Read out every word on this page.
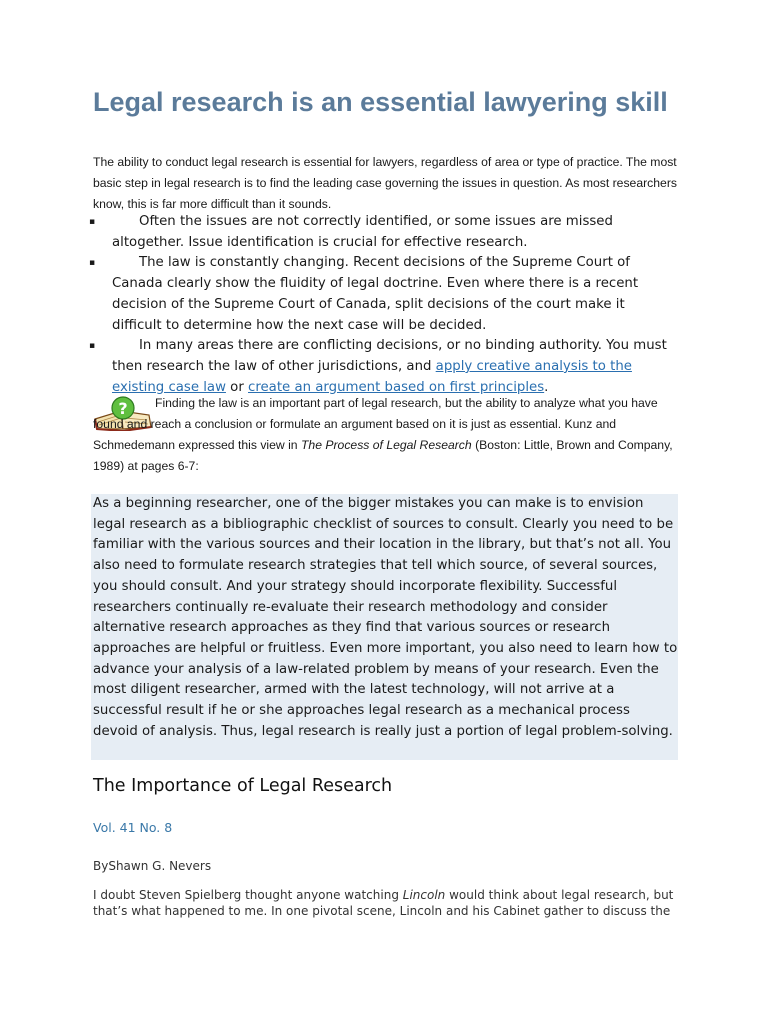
Legal research is an essential lawyering skill

The ability to conduct legal research is essential for lawyers, regardless of area or type of practice. The most basic step in legal research is to find the leading case governing the issues in question. As most researchers know, this is far more difficult than it sounds.

▪	Often the issues are not correctly identified, or some issues are missed altogether. Issue identification is crucial for effective research.
▪	The law is constantly changing. Recent decisions of the Supreme Court of Canada clearly show the fluidity of legal doctrine. Even where there is a recent decision of the Supreme Court of Canada, split decisions of the court make it difficult to determine how the next case will be decided.
▪	In many areas there are conflicting decisions, or no binding authority. You must then research the law of other jurisdictions, and apply creative analysis to the existing case law or create an argument based on first principles.
?	Finding the law is an important part of legal research, but the ability to analyze what you have found and reach a conclusion or formulate an argument based on it is just as essential. Kunz and Schmedemann expressed this view in The Process of Legal Research (Boston: Little, Brown and Company, 1989) at pages 6-7:

As a beginning researcher, one of the bigger mistakes you can make is to envision legal research as a bibliographic checklist of sources to consult. Clearly you need to be familiar with the various sources and their location in the library, but that’s not all. You also need to formulate research strategies that tell which source, of several sources, you should consult. And your strategy should incorporate flexibility. Successful researchers continually re-evaluate their research methodology and consider alternative research approaches as they find that various sources or research approaches are helpful or fruitless. Even more important, you also need to learn how to advance your analysis of a law-related problem by means of your research. Even the most diligent researcher, armed with the latest technology, will not arrive at a successful result if he or she approaches legal research as a mechanical process devoid of analysis. Thus, legal research is really just a portion of legal problem-solving.
The Importance of Legal Research

Vol. 41 No. 8

ByShawn G. Nevers

I doubt Steven Spielberg thought anyone watching Lincoln would think about legal research, but that’s what happened to me. In one pivotal scene, Lincoln and his Cabinet gather to discuss the
